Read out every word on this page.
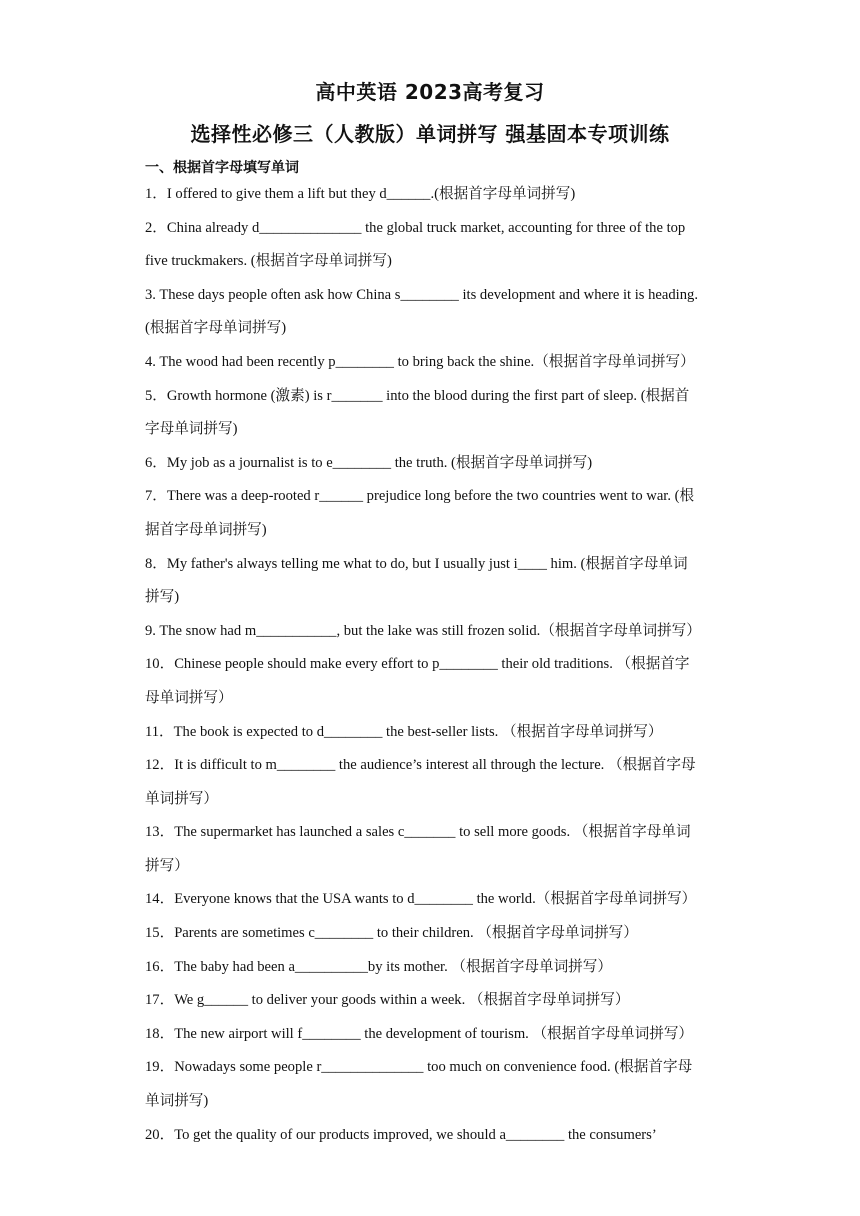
高中英语 2023高考复习
选择性必修三（人教版）单词拼写 强基固本专项训练
一、根据首字母填写单词
1．I offered to give them a lift but they d______.(根据首字母单词拼写)
2．China already d______________ the global truck market, accounting for three of the top
five truckmakers. (根据首字母单词拼写)
3. These days people often ask how China s________ its development and where it is heading.
(根据首字母单词拼写)
4. The wood had been recently p________ to bring back the shine.（根据首字母单词拼写）
5．Growth hormone (激素) is r_______ into the blood during the first part of sleep. (根据首
字母单词拼写)
6．My job as a journalist is to e________ the truth. (根据首字母单词拼写)
7．There was a deep-rooted r______ prejudice long before the two countries went to war. (根
据首字母单词拼写)
8．My father's always telling me what to do, but I usually just i____ him. (根据首字母单词
拼写)
9. The snow had m___________, but the lake was still frozen solid.（根据首字母单词拼写）
10．Chinese people should make every effort to p________ their old traditions. （根据首字
母单词拼写）
11．The book is expected to d________ the best-seller lists. （根据首字母单词拼写）
12．It is difficult to m________ the audience’s interest all through the lecture. （根据首字母
单词拼写）
13．The supermarket has launched a sales c_______ to sell more goods. （根据首字母单词
拼写）
14．Everyone knows that the USA wants to d________ the world.（根据首字母单词拼写）
15．Parents are sometimes c________ to their children. （根据首字母单词拼写）
16．The baby had been a__________by its mother. （根据首字母单词拼写）
17．We g______ to deliver your goods within a week. （根据首字母单词拼写）
18．The new airport will f________ the development of tourism. （根据首字母单词拼写）
19．Nowadays some people r______________ too much on convenience food. (根据首字母
单词拼写)
20．To get the quality of our products improved, we should a________ the consumers’
